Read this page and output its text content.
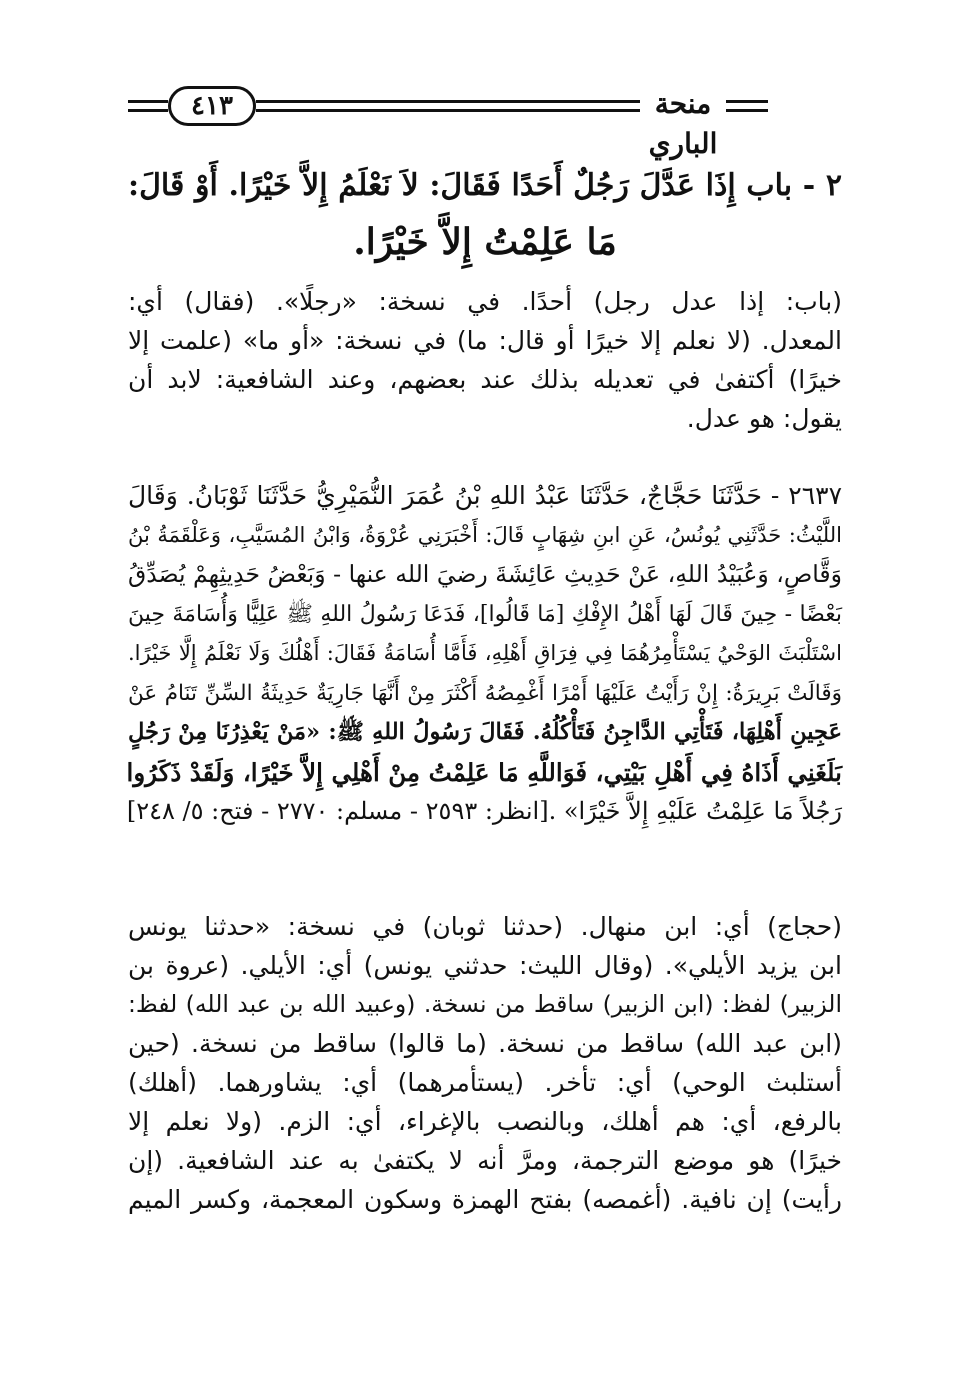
٤١٣	منحة الباري
٢ - باب إِذَا عَدَّلَ رَجُلٌ أَحَدًا فَقَالَ: لاَ نَعْلَمُ إِلاَّ خَيْرًا. أَوْ قَالَ:
مَا عَلِمْتُ إِلاَّ خَيْرًا.
(باب: إذا عدل رجل) أحدًا. في نسخة: «رجلًا». (فقال) أي:
المعدل. (لا نعلم إلا خيرًا أو قال: ما) في نسخة: «أو ما» (علمت إلا
خيرًا) أكتفىٰ في تعديله بذلك عند بعضهم، وعند الشافعية: لابد أن
يقول: هو عدل.
٢٦٣٧ - حَدَّثَنَا حَجَّاجٌ، حَدَّثَنَا عَبْدُ اللهِ بْنُ عُمَرَ النُّمَيْرِيُّ حَدَّثَنَا ثَوْبَانُ. وَقَالَ
اللَّيْثُ: حَدَّثَنِي يُونُسُ، عَنِ ابنِ شِهَابٍ قَالَ: أَخْبَرَنِي عُرْوَةُ، وَابْنُ المُسَيَّبِ، وَعَلْقَمَةُ بْنُ
وَقَّاصٍ، وَعُبَيْدُ اللهِ، عَنْ حَدِيثِ عَائِشَةَ رضيَ الله عنها - وَبَعْضُ حَدِيثِهِمْ يُصَدِّقُ
بَعْضًا - حِينَ قَالَ لَهَا أَهْلُ الإِفْكِ [مَا قَالُوا]، فَدَعَا رَسُولُ اللهِ ﷺ عَلِيًّا وَأُسَامَةَ حِينَ
اسْتَلْبَثَ الوَحْيُ يَسْتَأْمِرُهُمَا فِي فِرَاقِ أَهْلِهِ، فَأَمَّا أُسَامَةُ فَقَالَ: أَهْلُكَ وَلَا نَعْلَمُ إِلَّا خَيْرًا.
وَقَالَتْ بَرِيرَةُ: إِنْ رَأَيْتُ عَلَيْهَا أَمْرًا أَغْمِصُهُ أَكْثَرَ مِنْ أَنَّهَا جَارِيَةٌ حَدِيثَةُ السِّنِّ تَنَامُ عَنْ
عَجِينِ أَهْلِهَا، فَتَأْتِي الدَّاجِنُ فَتَأْكُلُهُ. فَقَالَ رَسُولُ اللهِ ﷺ: «مَنْ يَعْذِرُنَا مِنْ رَجُلٍ
بَلَغَنِي أَذَاهُ فِي أَهْلِ بَيْتِي، فَوَاللَّهِ مَا عَلِمْتُ مِنْ أَهْلِي إِلاَّ خَيْرًا، وَلَقَدْ ذَكَرُوا
رَجُلاً مَا عَلِمْتُ عَلَيْهِ إِلاَّ خَيْرًا» .[انظر: ٢٥٩٣ - مسلم: ٢٧٧٠ - فتح: ٥/ ٢٤٨]
(حجاج) أي: ابن منهال. (حدثنا ثوبان) في نسخة: «حدثنا يونس
ابن يزيد الأيلي». (وقال الليث: حدثني يونس) أي: الأيلي. (عروة بن
الزبير) لفظ: (ابن الزبير) ساقط من نسخة. (وعبيد الله بن عبد الله) لفظ:
(ابن عبد الله) ساقط من نسخة. (ما قالوا) ساقط من نسخة. (حين
أستلبث الوحي) أي: تأخر. (يستأمرهما) أي: يشاورهما. (أهلك)
بالرفع، أي: هم أهلك، وبالنصب بالإغراء، أي: الزم. (ولا نعلم إلا
خيرًا) هو موضع الترجمة، ومرَّ أنه لا يكتفىٰ به عند الشافعية. (إن
رأيت) إن نافية. (أغمصه) بفتح الهمزة وسكون المعجمة، وكسر الميم
